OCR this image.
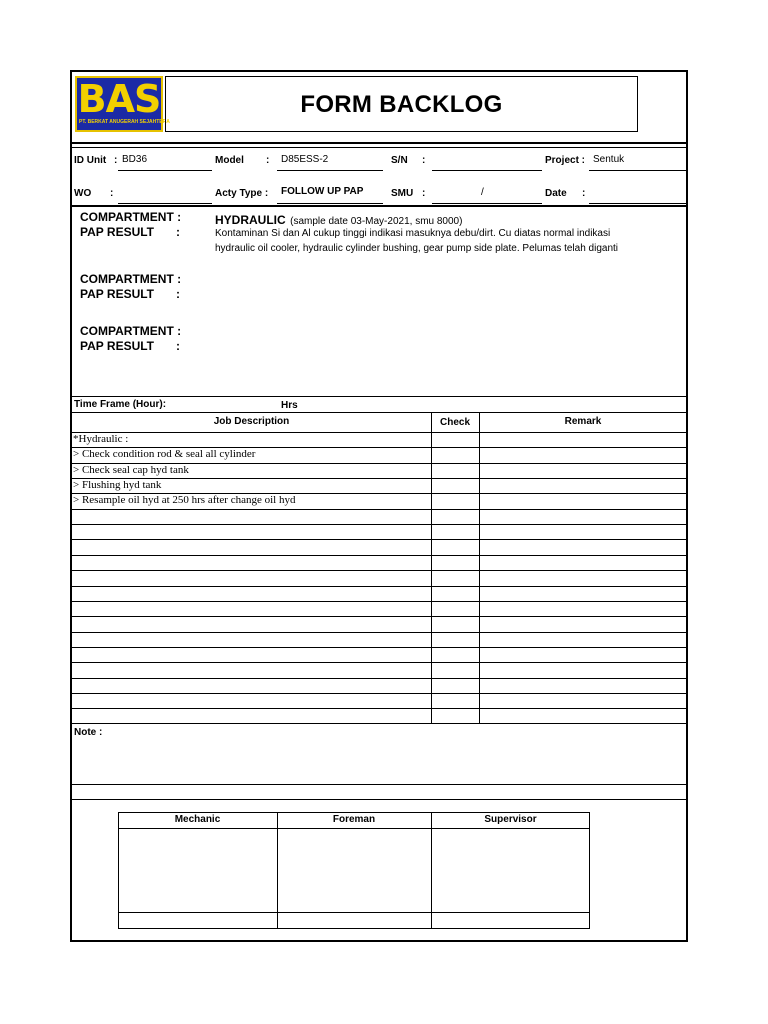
BAS
PT. BERKAT ANUGERAH SEJAHTERA
FORM BACKLOG
ID Unit : BD36	Model : D85ESS-2	S/N :	Project : Sentuk
WO :	Acty Type : FOLLOW UP PAP	SMU :	/	Date :
COMPARTMENT :
PAP RESULT :
HYDRAULIC (sample date 03-May-2021, smu 8000)
Kontaminan Si dan Al cukup tinggi indikasi masuknya debu/dirt. Cu diatas normal indikasi hydraulic oil cooler, hydraulic cylinder bushing, gear pump side plate. Pelumas telah diganti
COMPARTMENT :
PAP RESULT :
COMPARTMENT :
PAP RESULT :
Time Frame (Hour):	Hrs
Job Description	Check	Remark
*Hydraulic :
> Check condition rod & seal all cylinder
> Check seal cap hyd tank
> Flushing hyd tank
> Resample oil hyd at 250 hrs after change oil hyd
Note :
Mechanic	Foreman	Supervisor
